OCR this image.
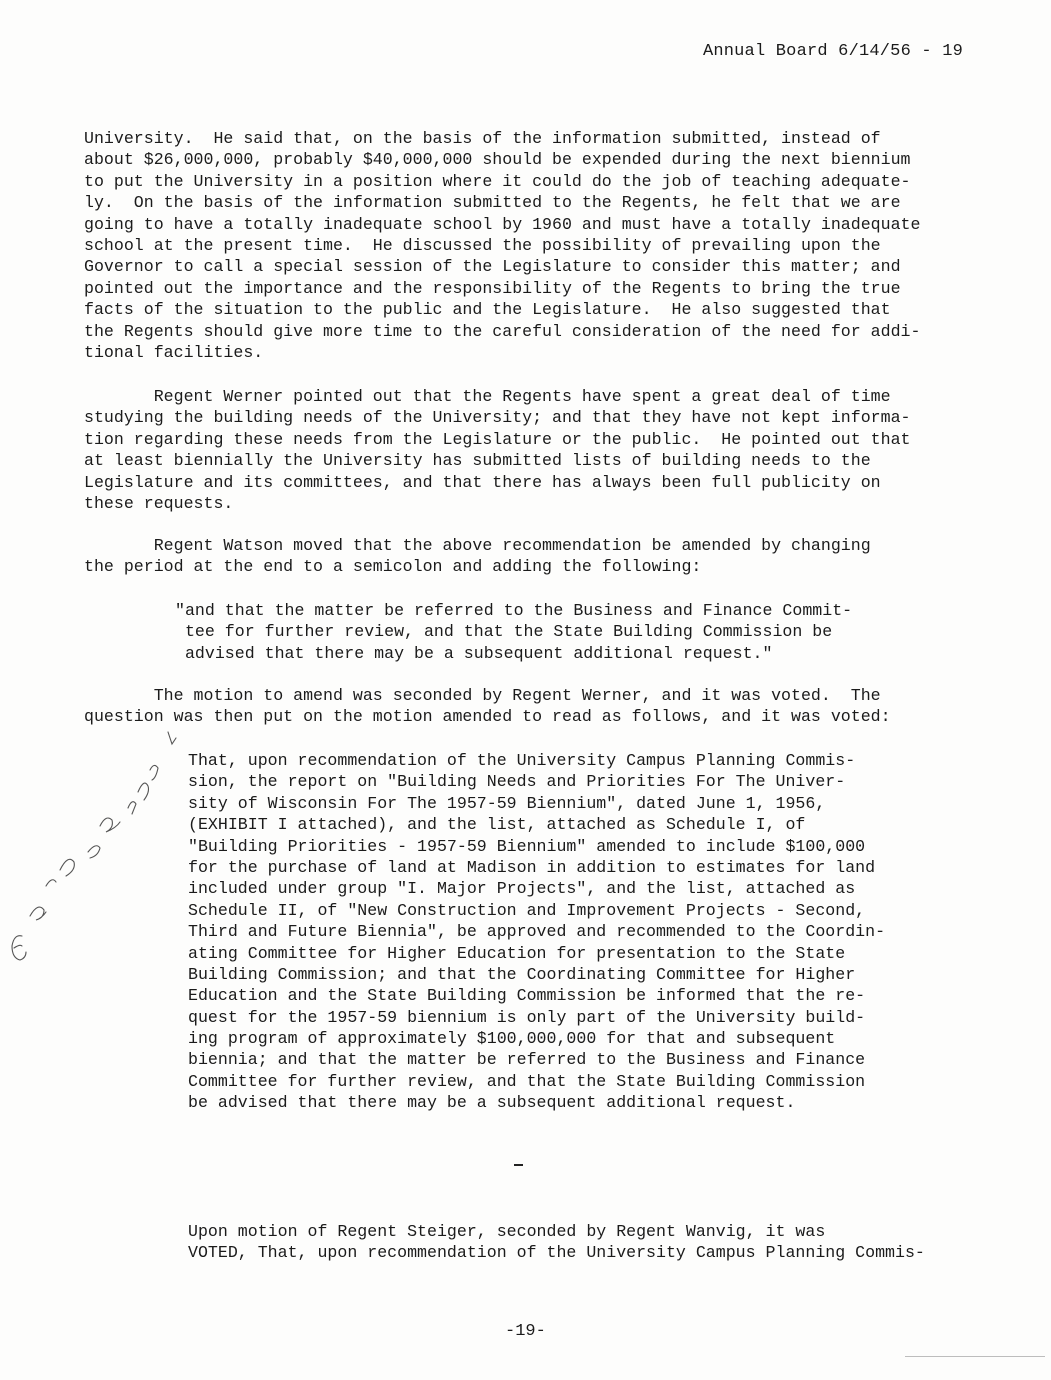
Annual Board 6/14/56 - 19
University.  He said that, on the basis of the information submitted, instead of
about $26,000,000, probably $40,000,000 should be expended during the next biennium
to put the University in a position where it could do the job of teaching adequate-
ly.  On the basis of the information submitted to the Regents, he felt that we are
going to have a totally inadequate school by 1960 and must have a totally inadequate
school at the present time.  He discussed the possibility of prevailing upon the
Governor to call a special session of the Legislature to consider this matter; and
pointed out the importance and the responsibility of the Regents to bring the true
facts of the situation to the public and the Legislature.  He also suggested that
the Regents should give more time to the careful consideration of the need for addi-
tional facilities.
Regent Werner pointed out that the Regents have spent a great deal of time
studying the building needs of the University; and that they have not kept informa-
tion regarding these needs from the Legislature or the public.  He pointed out that
at least biennially the University has submitted lists of building needs to the
Legislature and its committees, and that there has always been full publicity on
these requests.
Regent Watson moved that the above recommendation be amended by changing
the period at the end to a semicolon and adding the following:
"and that the matter be referred to the Business and Finance Commit-
tee for further review, and that the State Building Commission be
advised that there may be a subsequent additional request."
The motion to amend was seconded by Regent Werner, and it was voted.  The
question was then put on the motion amended to read as follows, and it was voted:
That, upon recommendation of the University Campus Planning Commis-
sion, the report on "Building Needs and Priorities For The Univer-
sity of Wisconsin For The 1957-59 Biennium", dated June 1, 1956,
(EXHIBIT I attached), and the list, attached as Schedule I, of
"Building Priorities - 1957-59 Biennium" amended to include $100,000
for the purchase of land at Madison in addition to estimates for land
included under group "I. Major Projects", and the list, attached as
Schedule II, of "New Construction and Improvement Projects - Second,
Third and Future Biennia", be approved and recommended to the Coordin-
ating Committee for Higher Education for presentation to the State
Building Commission; and that the Coordinating Committee for Higher
Education and the State Building Commission be informed that the re-
quest for the 1957-59 biennium is only part of the University build-
ing program of approximately $100,000,000 for that and subsequent
biennia; and that the matter be referred to the Business and Finance
Committee for further review, and that the State Building Commission
be advised that there may be a subsequent additional request.
Upon motion of Regent Steiger, seconded by Regent Wanvig, it was
VOTED, That, upon recommendation of the University Campus Planning Commis-
-19-
